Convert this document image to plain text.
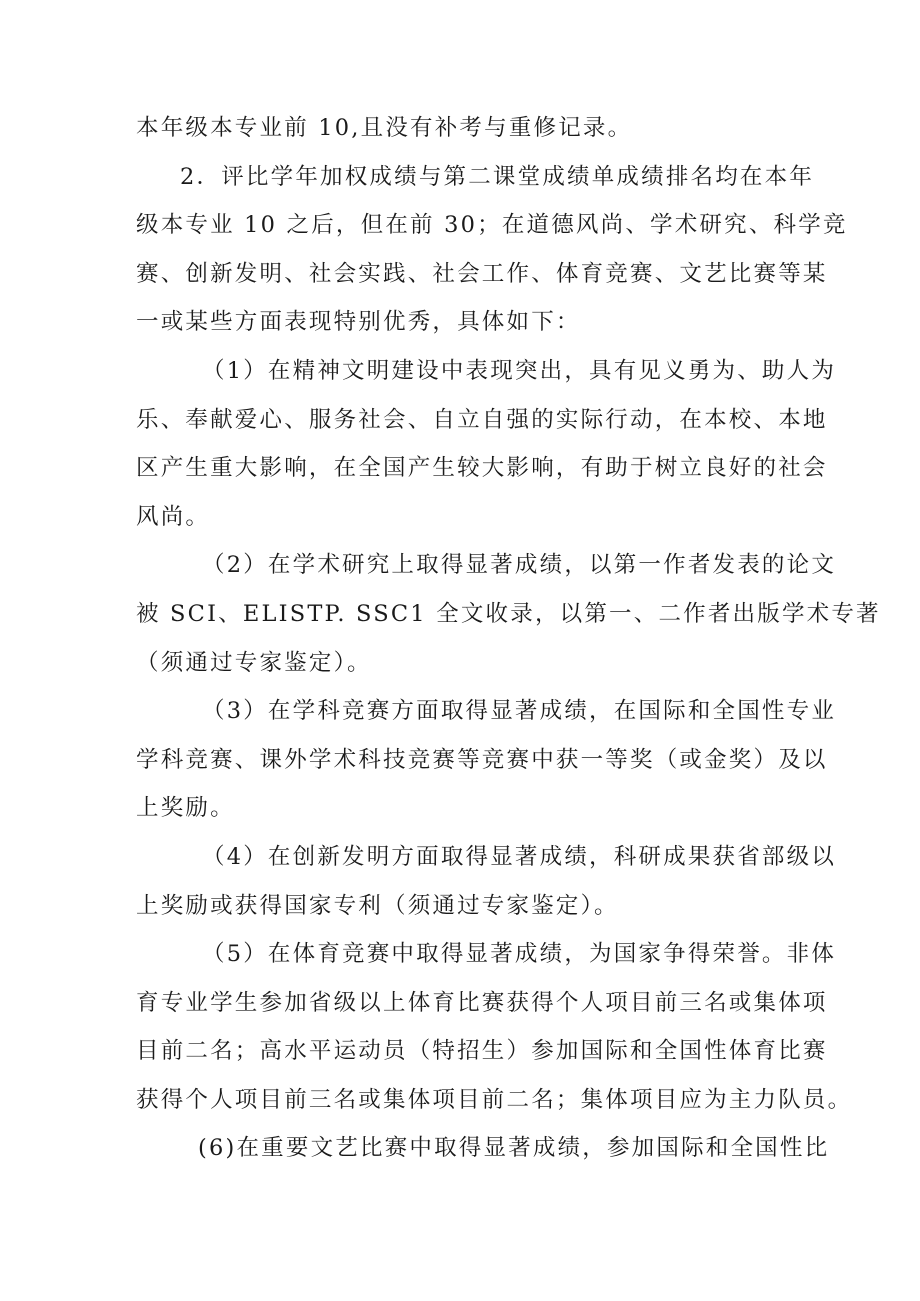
本年级本专业前 10,且没有补考与重修记录。

2．评比学年加权成绩与第二课堂成绩单成绩排名均在本年
级本专业 10 之后，但在前 30；在道德风尚、学术研究、科学竞
赛、创新发明、社会实践、社会工作、体育竞赛、文艺比赛等某
一或某些方面表现特别优秀，具体如下：

（1）在精神文明建设中表现突出，具有见义勇为、助人为
乐、奉献爱心、服务社会、自立自强的实际行动，在本校、本地
区产生重大影响，在全国产生较大影响，有助于树立良好的社会
风尚。

（2）在学术研究上取得显著成绩，以第一作者发表的论文
被 SCI、ELISTP. SSC1 全文收录，以第一、二作者出版学术专著
（须通过专家鉴定）。

（3）在学科竞赛方面取得显著成绩，在国际和全国性专业
学科竞赛、课外学术科技竞赛等竞赛中获一等奖（或金奖）及以
上奖励。

（4）在创新发明方面取得显著成绩，科研成果获省部级以
上奖励或获得国家专利（须通过专家鉴定）。

（5）在体育竞赛中取得显著成绩，为国家争得荣誉。非体
育专业学生参加省级以上体育比赛获得个人项目前三名或集体项
目前二名；高水平运动员（特招生）参加国际和全国性体育比赛
获得个人项目前三名或集体项目前二名；集体项目应为主力队员。

(6)在重要文艺比赛中取得显著成绩，参加国际和全国性比
